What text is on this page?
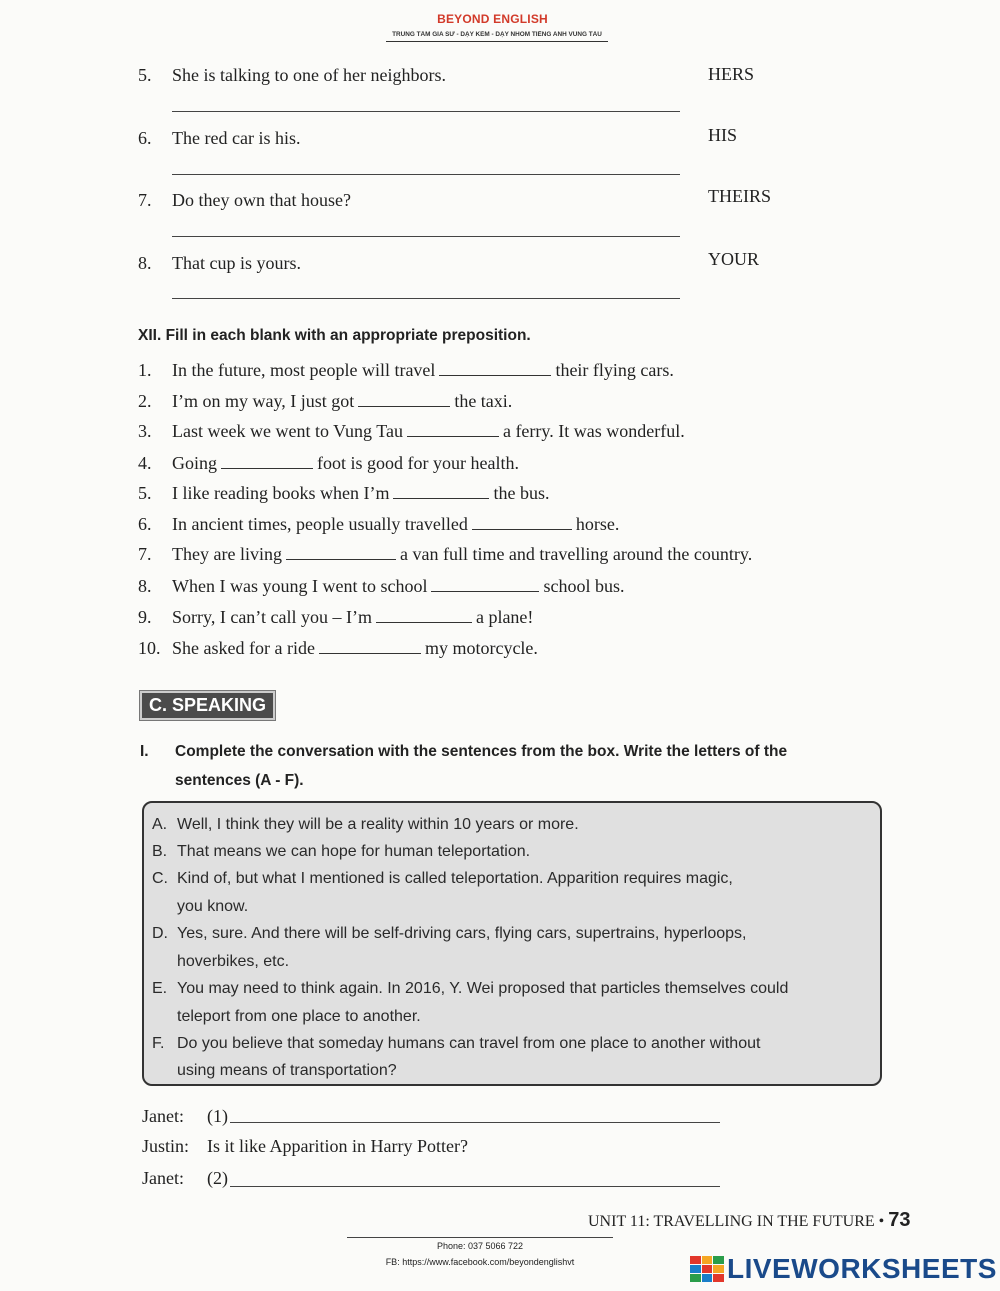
BEYOND ENGLISH
TRUNG TÂM GIA SƯ - DẠY KÈM - DẠY NHÓM TIẾNG ANH VŨNG TÀU
5. She is talking to one of her neighbors.	HERS
6. The red car is his.	HIS
7. Do they own that house?	THEIRS
8. That cup is yours.	YOUR
XII. Fill in each blank with an appropriate preposition.
1. In the future, most people will travel	their flying cars.
2. I’m on my way, I just got	the taxi.
3. Last week we went to Vung Tau	a ferry. It was wonderful.
4. Going	foot is good for your health.
5. I like reading books when I’m	the bus.
6. In ancient times, people usually travelled	horse.
7. They are living	a van full time and travelling around the country.
8. When I was young I went to school	school bus.
9. Sorry, I can’t call you – I’m	a plane!
10. She asked for a ride	my motorcycle.
C. SPEAKING
I. Complete the conversation with the sentences from the box. Write the letters of the
sentences (A - F).
A. Well, I think they will be a reality within 10 years or more.
B. That means we can hope for human teleportation.
C. Kind of, but what I mentioned is called teleportation. Apparition requires magic,
you know.
D. Yes, sure. And there will be self-driving cars, flying cars, supertrains, hyperloops,
hoverbikes, etc.
E. You may need to think again. In 2016, Y. Wei proposed that particles themselves could
teleport from one place to another.
F. Do you believe that someday humans can travel from one place to another without
using means of transportation?
Janet: (1)
Justin: Is it like Apparition in Harry Potter?
Janet: (2)
UNIT 11: TRAVELLING IN THE FUTURE • 73
Phone: 037 5066 722
FB: https://www.facebook.com/beyondenglishvt	LIVEWORKSHEETS
